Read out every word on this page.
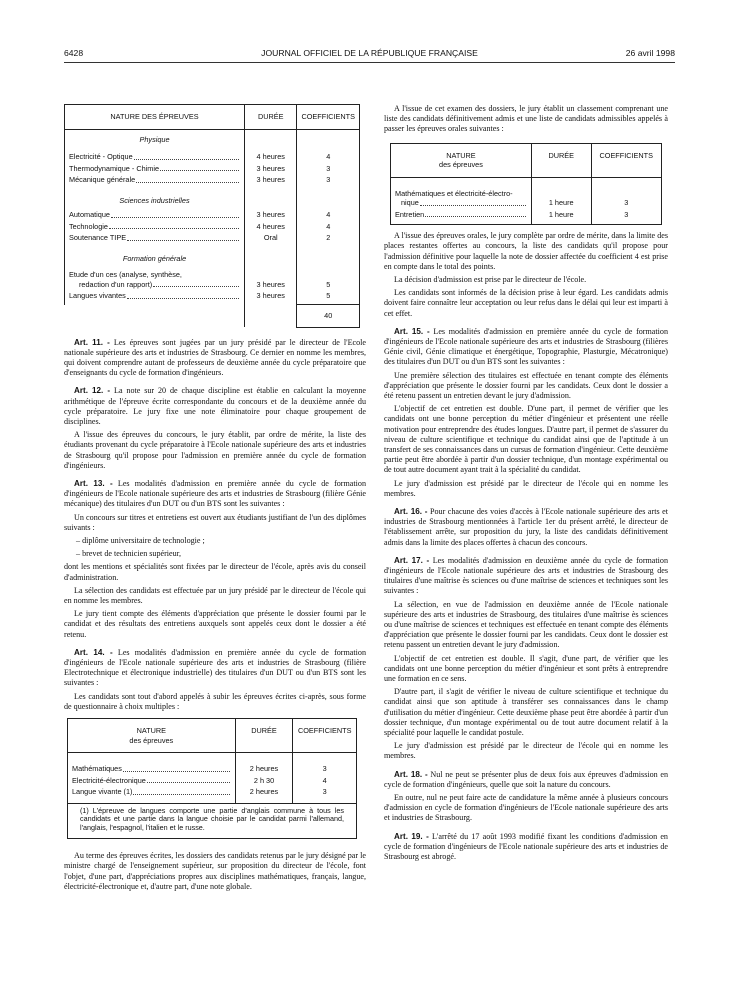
6428	JOURNAL OFFICIEL DE LA RÉPUBLIQUE FRANÇAISE	26 avril 1998
NATURE DES ÉPREUVES	DURÉE	COEFFICIENTS
Physique		

Electricité - Optique	4 heures	4

Thermodynamique - Chimie	3 heures	3

Mécanique générale	3 heures	3
Sciences industrielles		

Automatique	3 heures	4

Technologie	4 heures	4

Soutenance TIPE	Oral	2
Formation générale		

Etude d'un ces (analyse, synthèse,
redaction d'un rapport)	3 heures	5

Langues vivantes	3 heures	5
		40

Art. 11. - Les épreuves sont jugées par un jury présidé par le directeur de l'Ecole nationale supérieure des arts et industries de Strasbourg. Ce dernier en nomme les membres, qui doivent comprendre autant de professeurs de deuxième année du cycle préparatoire que d'enseignants du cycle de formation d'ingénieurs.

Art. 12. - La note sur 20 de chaque discipline est établie en calculant la moyenne arithmétique de l'épreuve écrite correspondante du concours et de la deuxième année du cycle préparatoire. Le jury fixe une note éliminatoire pour chaque groupement de disciplines.

A l'issue des épreuves du concours, le jury établit, par ordre de mérite, la liste des étudiants provenant du cycle préparatoire à l'Ecole nationale supérieure des arts et industries de Strasbourg qu'il propose pour l'admission en première année du cycle de formation d'ingénieurs.

Art. 13. - Les modalités d'admission en première année du cycle de formation d'ingénieurs de l'Ecole nationale supérieure des arts et industries de Strasbourg (filière Génie mécanique) des titulaires d'un DUT ou d'un BTS sont les suivantes :

Un concours sur titres et entretiens est ouvert aux étudiants justifiant de l'un des diplômes suivants :

– diplôme universitaire de technologie ;

– brevet de technicien supérieur,

dont les mentions et spécialités sont fixées par le directeur de l'école, après avis du conseil d'administration.

La sélection des candidats est effectuée par un jury présidé par le directeur de l'école qui en nomme les membres.

Le jury tient compte des éléments d'appréciation que présente le dossier fourni par le candidat et des résultats des entretiens auxquels sont appelés ceux dont le dossier a été retenu.

Art. 14. - Les modalités d'admission en première année du cycle de formation d'ingénieurs de l'Ecole nationale supérieure des arts et industries de Strasbourg (filière Electrotechnique et électronique industrielle) des titulaires d'un DUT ou d'un BTS sont les suivantes :

Les candidats sont tout d'abord appelés à subir les épreuves écrites ci-après, sous forme de questionnaire à choix multiples :

NATURE
des épreuves	DURÉE	COEFFICIENTS

Mathématiques	2 heures	3

Electricité-électronique	2 h 30	4

Langue vivante (1)	2 heures	3
(1) L'épreuve de langues comporte une partie d'anglais commune à tous les candidats et une partie dans la langue choisie par le candidat parmi l'allemand, l'anglais, l'espagnol, l'italien et le russe.

Au terme des épreuves écrites, les dossiers des candidats retenus par le jury désigné par le ministre chargé de l'enseignement supérieur, sur proposition du directeur de l'école, font l'objet, d'une part, d'appréciations propres aux disciplines mathématiques, français, langue, électricité-électronique et, d'autre part, d'une note globale.

A l'issue de cet examen des dossiers, le jury établit un classement comprenant une liste des candidats définitivement admis et une liste de candidats admissibles appelés à passer les épreuves orales suivantes :

NATURE
des épreuves	DURÉE	COEFFICIENTS

Mathématiques et électricité-électro-
nique	1 heure	3

Entretien	1 heure	3

A l'issue des épreuves orales, le jury complète par ordre de mérite, dans la limite des places restantes offertes au concours, la liste des candidats qu'il propose pour l'admission définitive pour laquelle la note de dossier affectée du coefficient 4 est prise en compte dans le total des points.

La décision d'admission est prise par le directeur de l'école.

Les candidats sont informés de la décision prise à leur égard. Les candidats admis doivent faire connaître leur acceptation ou leur refus dans le délai qui leur est imparti à cet effet.

Art. 15. - Les modalités d'admission en première année du cycle de formation d'ingénieurs de l'Ecole nationale supérieure des arts et industries de Strasbourg (filières Génie civil, Génie climatique et énergétique, Topographie, Plasturgie, Mécatronique) des titulaires d'un DUT ou d'un BTS sont les suivantes :

Une première sélection des titulaires est effectuée en tenant compte des éléments d'appréciation que présente le dossier fourni par les candidats. Ceux dont le dossier a été retenu passent un entretien devant le jury d'admission.

L'objectif de cet entretien est double. D'une part, il permet de vérifier que les candidats ont une bonne perception du métier d'ingénieur et présentent une réelle motivation pour entreprendre des études longues. D'autre part, il permet de s'assurer du niveau de culture scientifique et technique du candidat ainsi que de l'aptitude à un transfert de ses connaissances dans un cursus de formation d'ingénieur. Cette deuxième partie peut être abordée à partir d'un dossier technique, d'un montage expérimental ou de tout autre document ayant trait à la spécialité du candidat.

Le jury d'admission est présidé par le directeur de l'école qui en nomme les membres.

Art. 16. - Pour chacune des voies d'accès à l'Ecole nationale supérieure des arts et industries de Strasbourg mentionnées à l'article 1er du présent arrêté, le directeur de l'établissement arrête, sur proposition du jury, la liste des candidats définitivement admis dans la limite des places offertes à chacun des concours.

Art. 17. - Les modalités d'admission en deuxième année du cycle de formation d'ingénieurs de l'Ecole nationale supérieure des arts et industries de Strasbourg des titulaires d'une maîtrise ès sciences ou d'une maîtrise de sciences et techniques sont les suivantes :

La sélection, en vue de l'admission en deuxième année de l'Ecole nationale supérieure des arts et industries de Strasbourg, des titulaires d'une maîtrise ès sciences ou d'une maîtrise de sciences et techniques est effectuée en tenant compte des éléments d'appréciation que présente le dossier fourni par les candidats. Ceux dont le dossier est retenu passent un entretien devant le jury d'admission.

L'objectif de cet entretien est double. Il s'agit, d'une part, de vérifier que les candidats ont une bonne perception du métier d'ingénieur et sont prêts à entreprendre une formation en ce sens.

D'autre part, il s'agit de vérifier le niveau de culture scientifique et technique du candidat ainsi que son aptitude à transférer ses connaissances dans le champ d'utilisation du métier d'ingénieur. Cette deuxième phase peut être abordée à partir d'un dossier technique, d'un montage expérimental ou de tout autre document relatif à la spécialité pour laquelle le candidat postule.

Le jury d'admission est présidé par le directeur de l'école qui en nomme les membres.

Art. 18. - Nul ne peut se présenter plus de deux fois aux épreuves d'admission en cycle de formation d'ingénieurs, quelle que soit la nature du concours.

En outre, nul ne peut faire acte de candidature la même année à plusieurs concours d'admission en cycle de formation d'ingénieurs de l'Ecole nationale supérieure des arts et industries de Strasbourg.

Art. 19. - L'arrêté du 17 août 1993 modifié fixant les conditions d'admission en cycle de formation d'ingénieurs de l'Ecole nationale supérieure des arts et industries de Strasbourg est abrogé.
